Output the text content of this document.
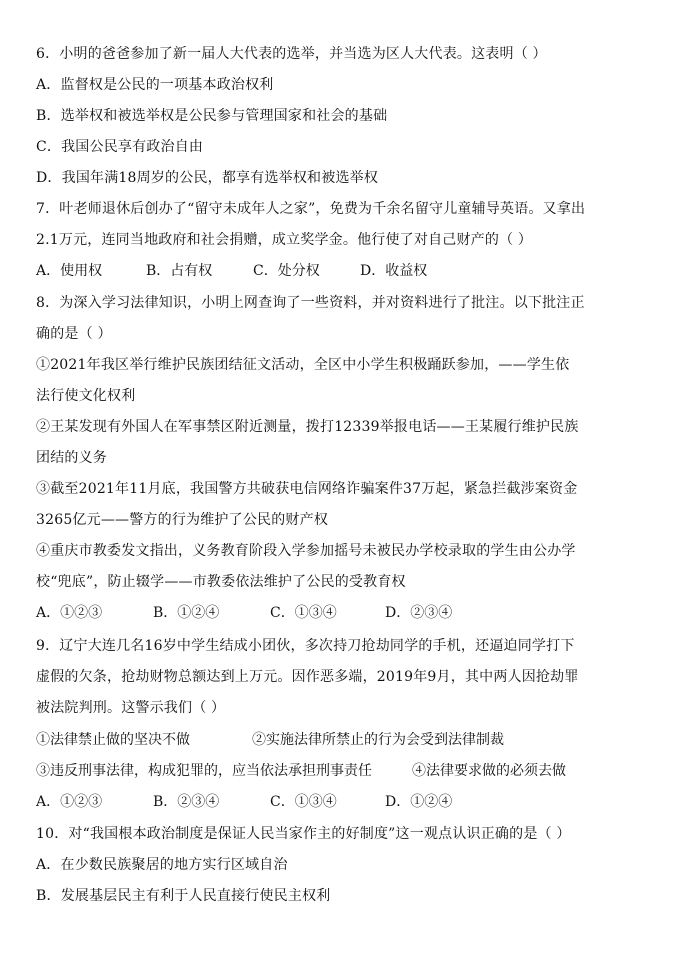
6．小明的爸爸参加了新一届人大代表的选举，并当选为区人大代表。这表明（ ）
A．监督权是公民的一项基本政治权利
B．选举权和被选举权是公民参与管理国家和社会的基础
C．我国公民享有政治自由
D．我国年满18周岁的公民，都享有选举权和被选举权
7．叶老师退休后创办了“留守未成年人之家”，免费为千余名留守儿童辅导英语。又拿出
2.1万元，连同当地政府和社会捐赠，成立奖学金。他行使了对自己财产的（ ）
A．使用权	B．占有权	C．处分权	D．收益权
8．为深入学习法律知识，小明上网查询了一些资料，并对资料进行了批注。以下批注正
确的是（ ）
①2021年我区举行维护民族团结征文活动，全区中小学生积极踊跃参加，——学生依
法行使文化权利
②王某发现有外国人在军事禁区附近测量，拨打12339举报电话——王某履行维护民族
团结的义务
③截至2021年11月底，我国警方共破获电信网络诈骗案件37万起，紧急拦截涉案资金
3265亿元——警方的行为维护了公民的财产权
④重庆市教委发文指出，义务教育阶段入学参加摇号未被民办学校录取的学生由公办学
校“兜底”，防止辍学——市教委依法维护了公民的受教育权
A．①②③	B．①②④	C．①③④	D．②③④
9．辽宁大连几名16岁中学生结成小团伙，多次持刀抢劫同学的手机，还逼迫同学打下
虚假的欠条，抢劫财物总额达到上万元。因作恶多端，2019年9月，其中两人因抢劫罪
被法院判刑。这警示我们（ ）
①法律禁止做的坚决不做	②实施法律所禁止的行为会受到法律制裁
③违反刑事法律，构成犯罪的，应当依法承担刑事责任	④法律要求做的必须去做
A．①②③	B．②③④	C．①③④	D．①②④
10．对“我国根本政治制度是保证人民当家作主的好制度”这一观点认识正确的是（ ）
A．在少数民族聚居的地方实行区域自治
B．发展基层民主有利于人民直接行使民主权利
